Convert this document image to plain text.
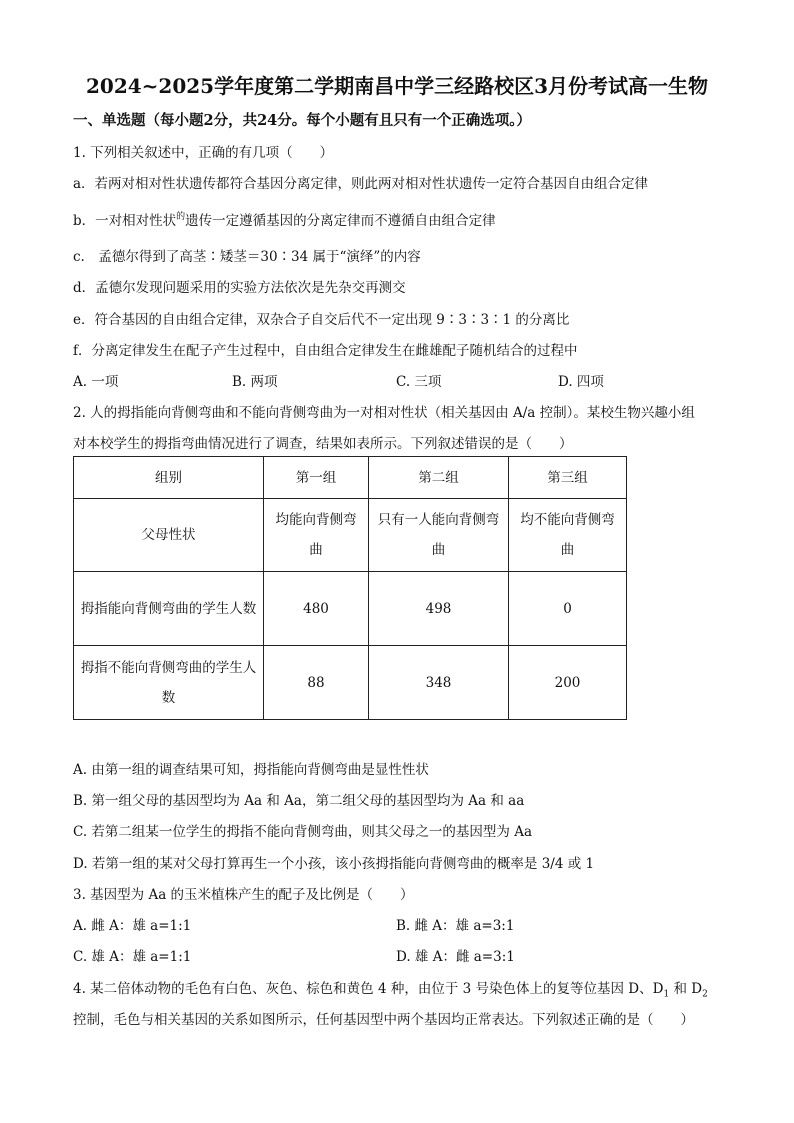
2024~2025学年度第二学期南昌中学三经路校区3月份考试高一生物
一、单选题（每小题2分，共24分。每个小题有且只有一个正确选项。）
1. 下列相关叙述中，正确的有几项（　　）
a．若两对相对性状遗传都符合基因分离定律，则此两对相对性状遗传一定符合基因自由组合定律
b．一对相对性状$^的$遗传一定遵循基因的分离定律而不遵循自由组合定律
c.　孟德尔得到了高茎∶矮茎＝30∶34 属于“演绎”的内容
d．孟德尔发现问题采用的实验方法依次是先杂交再测交
e．符合基因的自由组合定律，双杂合子自交后代不一定出现 9∶3∶3∶1 的分离比
f．分离定律发生在配子产生过程中，自由组合定律发生在雌雄配子随机结合的过程中
A. 一项	B. 两项	C. 三项	D. 四项
2. 人的拇指能向背侧弯曲和不能向背侧弯曲为一对相对性状（相关基因由 A/a 控制）。某校生物兴趣小组
对本校学生的拇指弯曲情况进行了调查，结果如表所示。下列叙述错误的是（　　）
组别	第一组	第二组	第三组
父母性状	均能向背侧弯曲	只有一人能向背侧弯曲	均不能向背侧弯曲
拇指能向背侧弯曲的学生人数	480	498	0
拇指不能向背侧弯曲的学生人数	88	348	200
A. 由第一组的调查结果可知，拇指能向背侧弯曲是显性性状
B. 第一组父母的基因型均为 Aa 和 Aa，第二组父母的基因型均为 Aa 和 aa
C. 若第二组某一位学生的拇指不能向背侧弯曲，则其父母之一的基因型为 Aa
D. 若第一组的某对父母打算再生一个小孩，该小孩拇指能向背侧弯曲的概率是 3/4 或 1
3. 基因型为 Aa 的玉米植株产生的配子及比例是（　　）
A. 雌 A：雄 a=1:1	B. 雌 A：雄 a=3:1
C. 雄 A：雄 a=1:1	D. 雄 A：雌 a=3:1
4. 某二倍体动物的毛色有白色、灰色、棕色和黄色 4 种，由位于 3 号染色体上的复等位基因 D、$D_1$ 和 $D_2$
控制，毛色与相关基因的关系如图所示，任何基因型中两个基因均正常表达。下列叙述正确的是（　　）
